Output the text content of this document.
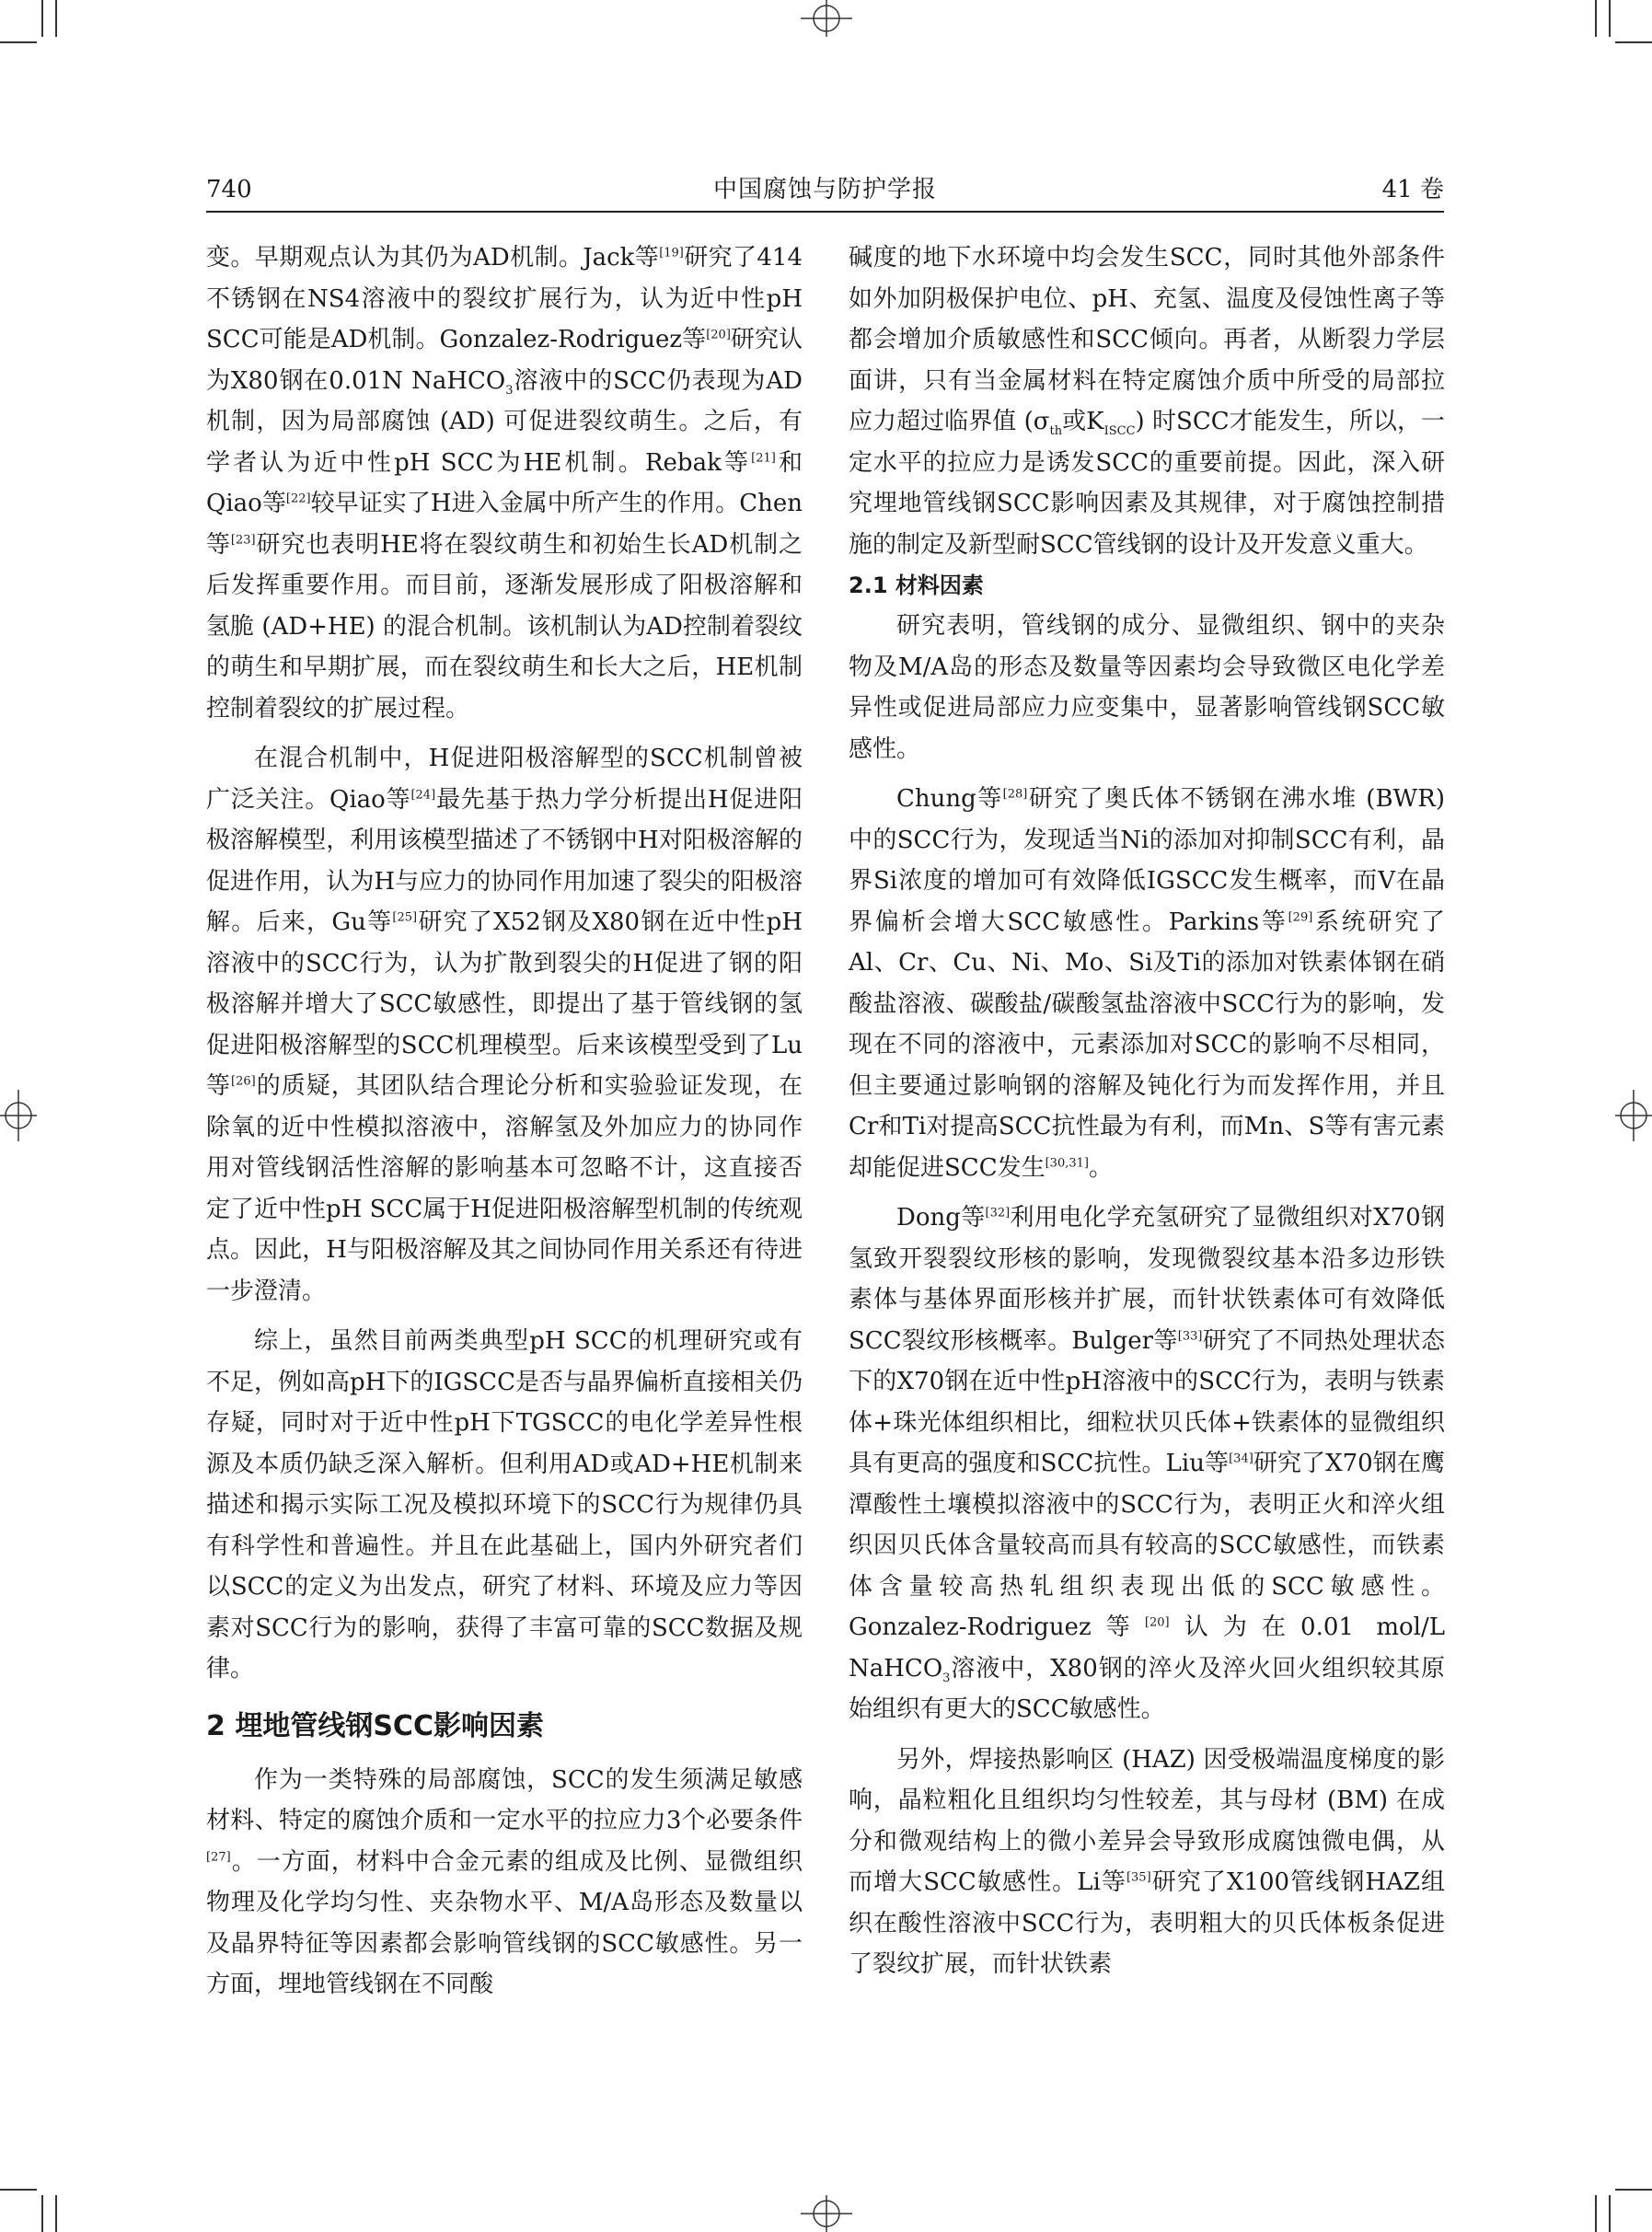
740	中国腐蚀与防护学报	41 卷

变。早期观点认为其仍为AD机制。Jack等[19]研究了414不锈钢在NS4溶液中的裂纹扩展行为，认为近中性pH SCC可能是AD机制。Gonzalez-Rodriguez等[20]研究认为X80钢在0.01N NaHCO$_3$溶液中的SCC仍表现为AD机制，因为局部腐蚀 (AD) 可促进裂纹萌生。之后，有学者认为近中性pH SCC为HE机制。Rebak等[21]和Qiao等[22]较早证实了H进入金属中所产生的作用。Chen等[23]研究也表明HE将在裂纹萌生和初始生长AD机制之后发挥重要作用。而目前，逐渐发展形成了阳极溶解和氢脆 (AD+HE) 的混合机制。该机制认为AD控制着裂纹的萌生和早期扩展，而在裂纹萌生和长大之后，HE机制控制着裂纹的扩展过程。

在混合机制中，H促进阳极溶解型的SCC机制曾被广泛关注。Qiao等[24]最先基于热力学分析提出H促进阳极溶解模型，利用该模型描述了不锈钢中H对阳极溶解的促进作用，认为H与应力的协同作用加速了裂尖的阳极溶解。后来，Gu等[25]研究了X52钢及X80钢在近中性pH溶液中的SCC行为，认为扩散到裂尖的H促进了钢的阳极溶解并增大了SCC敏感性，即提出了基于管线钢的氢促进阳极溶解型的SCC机理模型。后来该模型受到了Lu等[26]的质疑，其团队结合理论分析和实验验证发现，在除氧的近中性模拟溶液中，溶解氢及外加应力的协同作用对管线钢活性溶解的影响基本可忽略不计，这直接否定了近中性pH SCC属于H促进阳极溶解型机制的传统观点。因此，H与阳极溶解及其之间协同作用关系还有待进一步澄清。

综上，虽然目前两类典型pH SCC的机理研究或有不足，例如高pH下的IGSCC是否与晶界偏析直接相关仍存疑，同时对于近中性pH下TGSCC的电化学差异性根源及本质仍缺乏深入解析。但利用AD或AD+HE机制来描述和揭示实际工况及模拟环境下的SCC行为规律仍具有科学性和普遍性。并且在此基础上，国内外研究者们以SCC的定义为出发点，研究了材料、环境及应力等因素对SCC行为的影响，获得了丰富可靠的SCC数据及规律。

2 埋地管线钢SCC影响因素

作为一类特殊的局部腐蚀，SCC的发生须满足敏感材料、特定的腐蚀介质和一定水平的拉应力3个必要条件[27]。一方面，材料中合金元素的组成及比例、显微组织物理及化学均匀性、夹杂物水平、M/A岛形态及数量以及晶界特征等因素都会影响管线钢的SCC敏感性。另一方面，埋地管线钢在不同酸

碱度的地下水环境中均会发生SCC，同时其他外部条件如外加阴极保护电位、pH、充氢、温度及侵蚀性离子等都会增加介质敏感性和SCC倾向。再者，从断裂力学层面讲，只有当金属材料在特定腐蚀介质中所受的局部拉应力超过临界值 ($\sigma_{th}$或$K_{ISCC}$) 时SCC才能发生，所以，一定水平的拉应力是诱发SCC的重要前提。因此，深入研究埋地管线钢SCC影响因素及其规律，对于腐蚀控制措施的制定及新型耐SCC管线钢的设计及开发意义重大。

2.1 材料因素

研究表明，管线钢的成分、显微组织、钢中的夹杂物及M/A岛的形态及数量等因素均会导致微区电化学差异性或促进局部应力应变集中，显著影响管线钢SCC敏感性。

Chung等[28]研究了奥氏体不锈钢在沸水堆 (BWR) 中的SCC行为，发现适当Ni的添加对抑制SCC有利，晶界Si浓度的增加可有效降低IGSCC发生概率，而V在晶界偏析会增大SCC敏感性。Parkins等[29]系统研究了Al、Cr、Cu、Ni、Mo、Si及Ti的添加对铁素体钢在硝酸盐溶液、碳酸盐/碳酸氢盐溶液中SCC行为的影响，发现在不同的溶液中，元素添加对SCC的影响不尽相同，但主要通过影响钢的溶解及钝化行为而发挥作用，并且Cr和Ti对提高SCC抗性最为有利，而Mn、S等有害元素却能促进SCC发生[30,31]。

Dong等[32]利用电化学充氢研究了显微组织对X70钢氢致开裂裂纹形核的影响，发现微裂纹基本沿多边形铁素体与基体界面形核并扩展，而针状铁素体可有效降低SCC裂纹形核概率。Bulger等[33]研究了不同热处理状态下的X70钢在近中性pH溶液中的SCC行为，表明与铁素体+珠光体组织相比，细粒状贝氏体+铁素体的显微组织具有更高的强度和SCC抗性。Liu等[34]研究了X70钢在鹰潭酸性土壤模拟溶液中的SCC行为，表明正火和淬火组织因贝氏体含量较高而具有较高的SCC敏感性，而铁素体含量较高热轧组织表现出低的SCC敏感性。Gonzalez-Rodriguez等[20]认为在0.01 mol/L NaHCO$_3$溶液中，X80钢的淬火及淬火回火组织较其原始组织有更大的SCC敏感性。

另外，焊接热影响区 (HAZ) 因受极端温度梯度的影响，晶粒粗化且组织均匀性较差，其与母材 (BM) 在成分和微观结构上的微小差异会导致形成腐蚀微电偶，从而增大SCC敏感性。Li等[35]研究了X100管线钢HAZ组织在酸性溶液中SCC行为，表明粗大的贝氏体板条促进了裂纹扩展，而针状铁素
